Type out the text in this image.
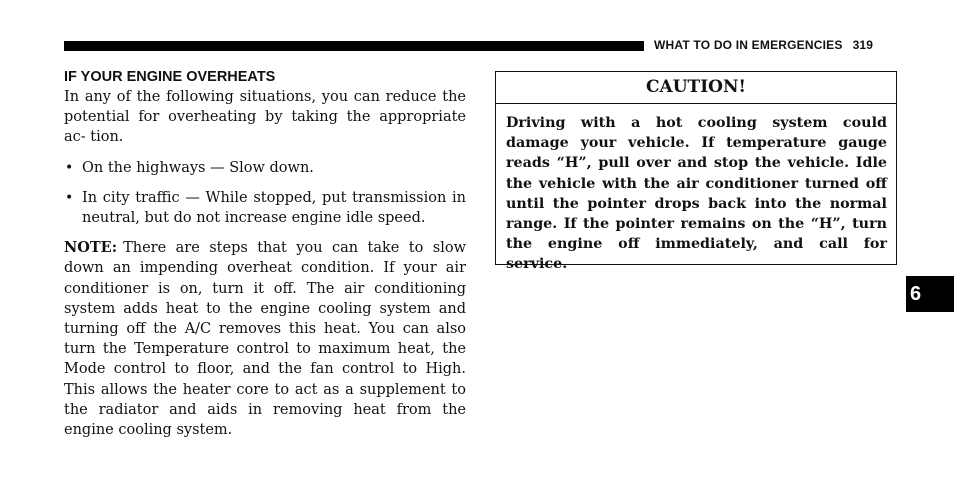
WHAT TO DO IN EMERGENCIES 319
IF YOUR ENGINE OVERHEATS

In any of the following situations, you can reduce the potential for overheating by taking the appropriate ac- tion.

• On the highways — Slow down.
• In city traffic — While stopped, put transmission in neutral, but do not increase engine idle speed.

NOTE: There are steps that you can take to slow down an impending overheat condition. If your air conditioner is on, turn it off. The air conditioning system adds heat to the engine cooling system and turning off the A/C removes this heat. You can also turn the Temperature control to maximum heat, the Mode control to floor, and the fan control to High. This allows the heater core to act as a supplement to the radiator and aids in removing heat from the engine cooling system.

CAUTION!
Driving with a hot cooling system could damage your vehicle. If temperature gauge reads “H”, pull over and stop the vehicle. Idle the vehicle with the air conditioner turned off until the pointer drops back into the normal range. If the pointer remains on the “H”, turn the engine off immediately, and call for service.
6
